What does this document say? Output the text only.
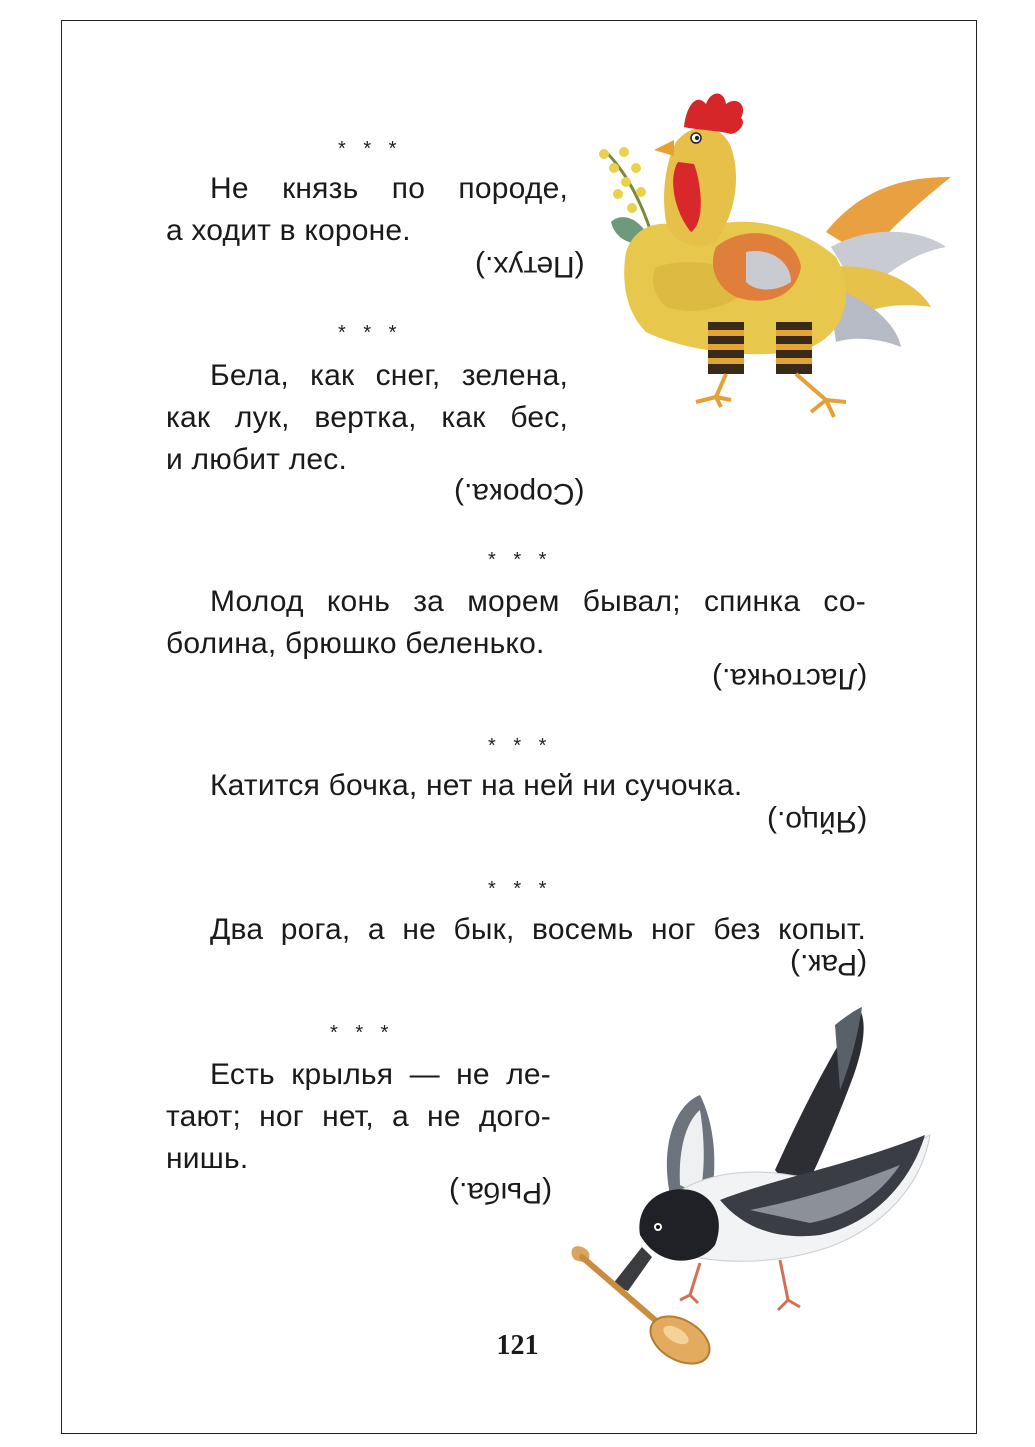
* * *
Не князь по породе,
а ходит в короне.
(Петух.)
* * *
Бела, как снег, зелена,
как лук, вертка, как бес,
и любит лес.
(Сорока.)
* * *
Молод конь за морем бывал; спинка со-
болина, брюшко беленько.
(Ласточка.)
* * *
Катится бочка, нет на ней ни сучочка.
(Яйцо.)
* * *
Два рога, а не бык, восемь ног без копыт.
(Рак.)
* * *
Есть крылья — не ле-
тают; ног нет, а не дого-
нишь.
(Рыба.)
121
